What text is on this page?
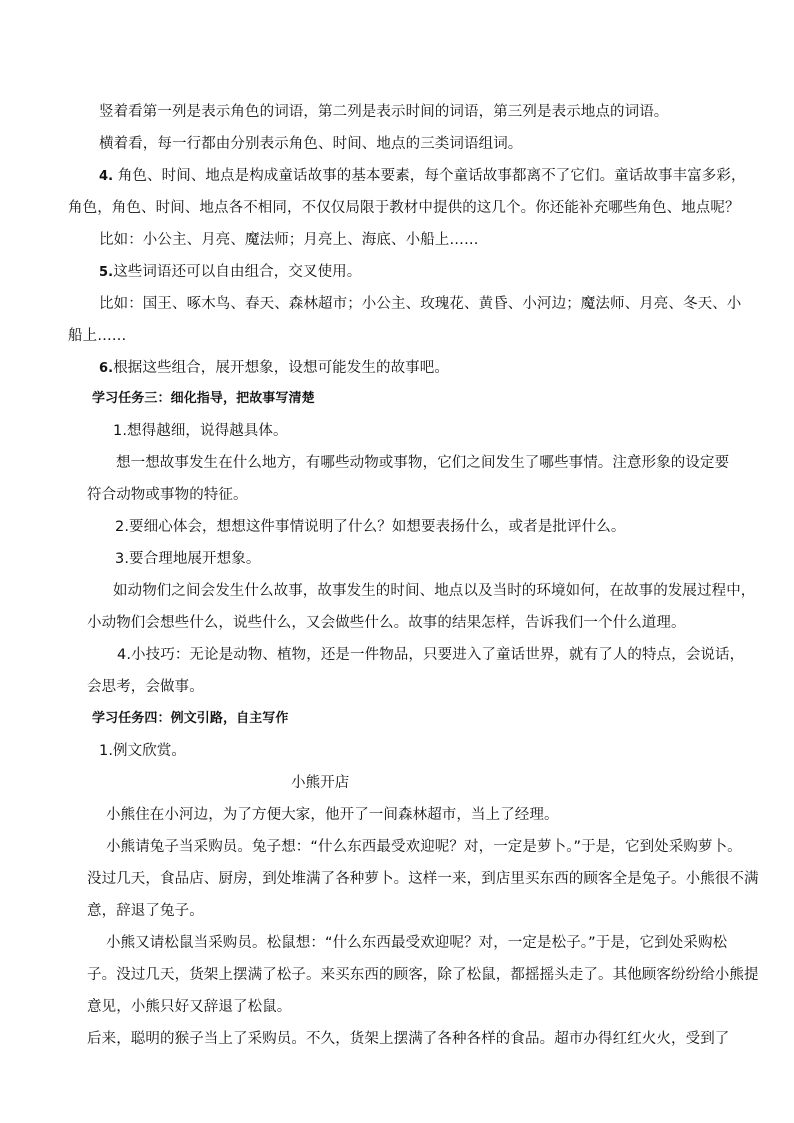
竖着看第一列是表示角色的词语，第二列是表示时间的词语，第三列是表示地点的词语。
横着看，每一行都由分别表示角色、时间、地点的三类词语组词。
4. 角色、时间、地点是构成童话故事的基本要素，每个童话故事都离不了它们。童话故事丰富多彩，
角色，角色、时间、地点各不相同，不仅仅局限于教材中提供的这几个。你还能补充哪些角色、地点呢？
比如：小公主、月亮、魔法师；月亮上、海底、小船上……
5.这些词语还可以自由组合，交叉使用。
比如：国王、啄木鸟、春天、森林超市；小公主、玫瑰花、黄昏、小河边；魔法师、月亮、冬天、小
船上……
6.根据这些组合，展开想象，设想可能发生的故事吧。
学习任务三：细化指导，把故事写清楚
1.想得越细，说得越具体。
想一想故事发生在什么地方，有哪些动物或事物，它们之间发生了哪些事情。注意形象的设定要
符合动物或事物的特征。
2.要细心体会，想想这件事情说明了什么？如想要表扬什么，或者是批评什么。
3.要合理地展开想象。
如动物们之间会发生什么故事，故事发生的时间、地点以及当时的环境如何，在故事的发展过程中，
小动物们会想些什么，说些什么，又会做些什么。故事的结果怎样，告诉我们一个什么道理。
4.小技巧：无论是动物、植物，还是一件物品，只要进入了童话世界，就有了人的特点，会说话，
会思考，会做事。
学习任务四：例文引路，自主写作
1.例文欣赏。
小熊开店
小熊住在小河边，为了方便大家，他开了一间森林超市，当上了经理。
小熊请兔子当采购员。兔子想：“什么东西最受欢迎呢？对，一定是萝卜。”于是，它到处采购萝卜。
没过几天，食品店、厨房，到处堆满了各种萝卜。这样一来，到店里买东西的顾客全是兔子。小熊很不满
意，辞退了兔子。
小熊又请松鼠当采购员。松鼠想：“什么东西最受欢迎呢？对，一定是松子。”于是，它到处采购松
子。没过几天，货架上摆满了松子。来买东西的顾客，除了松鼠，都摇摇头走了。其他顾客纷纷给小熊提
意见，小熊只好又辞退了松鼠。
后来，聪明的猴子当上了采购员。不久，货架上摆满了各种各样的食品。超市办得红红火火，受到了
